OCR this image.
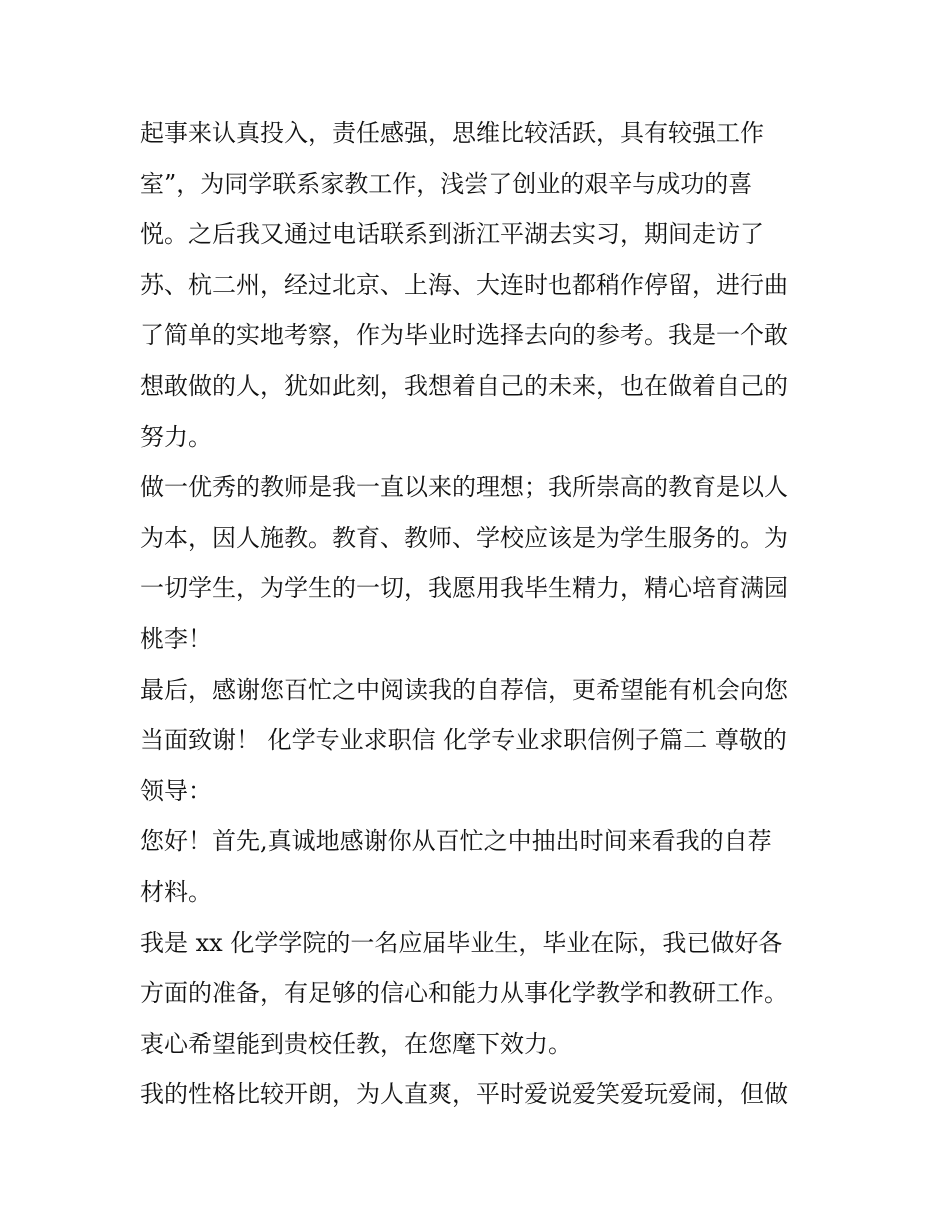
起事来认真投入，责任感强，思维比较活跃，具有较强工作
室”，为同学联系家教工作，浅尝了创业的艰辛与成功的喜
悦。之后我又通过电话联系到浙江平湖去实习，期间走访了
苏、杭二州，经过北京、上海、大连时也都稍作停留，进行曲
了简单的实地考察，作为毕业时选择去向的参考。我是一个敢
想敢做的人，犹如此刻，我想着自己的未来，也在做着自己的
努力。
做一优秀的教师是我一直以来的理想；我所崇高的教育是以人
为本，因人施教。教育、教师、学校应该是为学生服务的。为
一切学生，为学生的一切，我愿用我毕生精力，精心培育满园
桃李！
最后，感谢您百忙之中阅读我的自荐信，更希望能有机会向您
当面致谢！ 化学专业求职信 化学专业求职信例子篇二 尊敬的
领导：
您好！首先,真诚地感谢你从百忙之中抽出时间来看我的自荐
材料。
我是 xx 化学学院的一名应届毕业生，毕业在际，我已做好各
方面的准备，有足够的信心和能力从事化学教学和教研工作。
衷心希望能到贵校任教，在您麾下效力。
我的性格比较开朗，为人直爽，平时爱说爱笑爱玩爱闹，但做
